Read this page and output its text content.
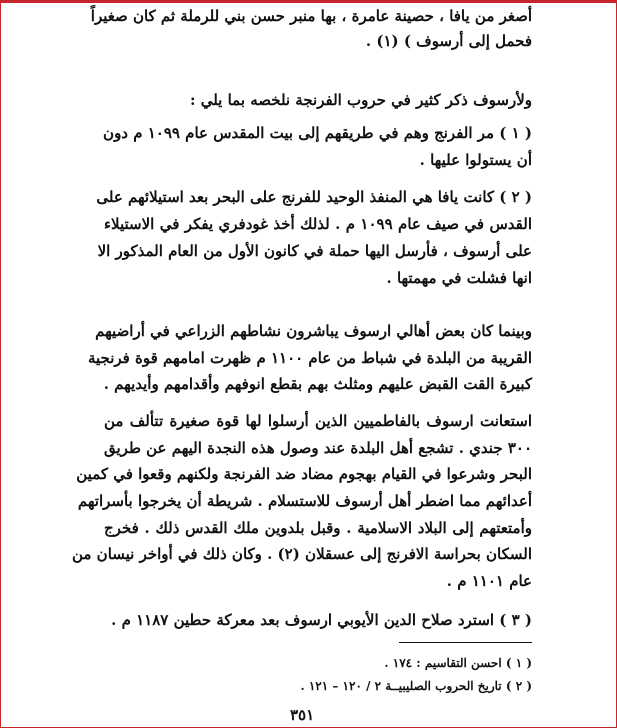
أصغر من يافا ، حصينة عامرة ، بها منبر حسن بني للرملة ثم كان صغيراً
فحمل إلى أرسوف ) (١) .
ولأرسوف ذكر كثير في حروب الفرنجة نلخصه بما يلي :
( ١ ) مر الفرنج وهم في طريقهم إلى بيت المقدس عام ١٠٩٩ م دون
أن يستولوا عليها .
( ٢ ) كانت يافا هي المنفذ الوحيد للفرنج على البحر بعد استيلائهم على
القدس في صيف عام ١٠٩٩ م . لذلك أخذ غودفري يفكر في الاستيلاء
على أرسوف ، فأرسل اليها حملة في كانون الأول من العام المذكور الا
انها فشلت في مهمتها .
وبينما كان بعض أهالي ارسوف يباشرون نشاطهم الزراعي في أراضيهم
القريبة من البلدة في شباط من عام ١١٠٠ م ظهرت امامهم قوة فرنجية
كبيرة القت القبض عليهم ومثلث بهم بقطع انوفهم وأقدامهم وأيديهم .
استعانت ارسوف بالفاطميين الذين أرسلوا لها قوة صغيرة تتألف من
٣٠٠ جندي . تشجع أهل البلدة عند وصول هذه النجدة اليهم عن طريق
البحر وشرعوا في القيام بهجوم مضاد ضد الفرنجة ولكنهم وقعوا في كمين
أعدائهم مما اضطر أهل أرسوف للاستسلام . شريطة أن يخرجوا بأسراتهم
وأمتعتهم إلى البلاد الاسلامية . وقبل بلدوين ملك القدس ذلك . فخرج
السكان بحراسة الافرنج إلى عسقلان (٢) . وكان ذلك في أواخر نيسان من
عام ١١٠١ م .
( ٣ ) استرد صلاح الدين الأيوبي ارسوف بعد معركة حطين ١١٨٧ م .
( ١ ) احسن التقاسيم : ١٧٤ .
( ٢ ) تاريخ الحروب الصليبيــة ٢ / ١٢٠ – ١٢١ .
٣٥١
